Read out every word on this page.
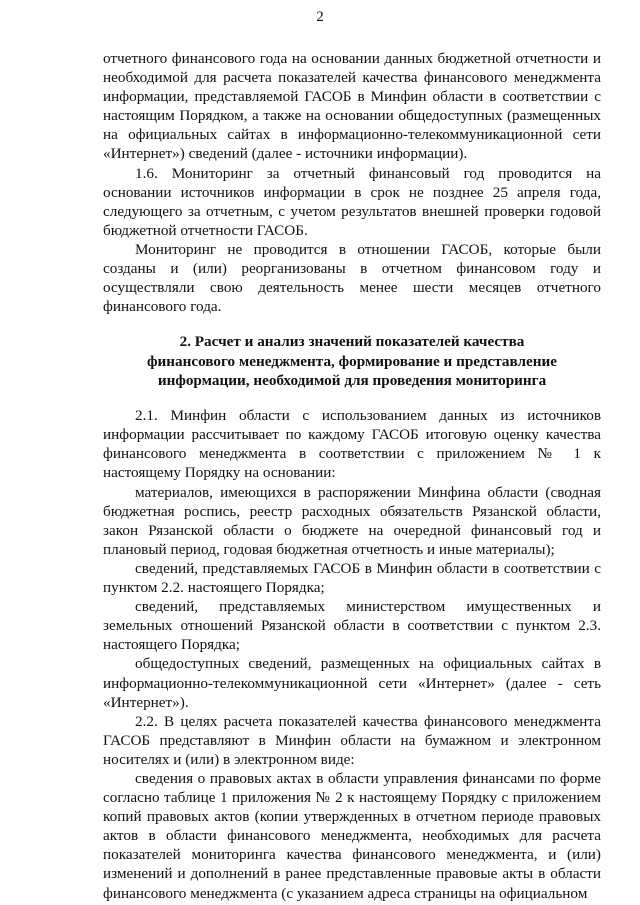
2

отчетного финансового года на основании данных бюджетной отчетности и необходимой для расчета показателей качества финансового менеджмента информации, представляемой ГАСОБ в Минфин области в соответствии с настоящим Порядком, а также на основании общедоступных (размещенных на официальных сайтах в информационно-телекоммуникационной сети «Интернет») сведений (далее - источники информации).

1.6. Мониторинг за отчетный финансовый год проводится на основании источников информации в срок не позднее 25 апреля года, следующего за отчетным, с учетом результатов внешней проверки годовой бюджетной отчетности ГАСОБ.

Мониторинг не проводится в отношении ГАСОБ, которые были созданы и (или) реорганизованы в отчетном финансовом году и осуществляли свою деятельность менее шести месяцев отчетного финансового года.

2. Расчет и анализ значений показателей качества
финансового менеджмента, формирование и представление
информации, необходимой для проведения мониторинга

2.1. Минфин области с использованием данных из источников информации рассчитывает по каждому ГАСОБ итоговую оценку качества финансового менеджмента в соответствии с приложением № 1 к настоящему Порядку на основании:

материалов, имеющихся в распоряжении Минфина области (сводная бюджетная роспись, реестр расходных обязательств Рязанской области, закон Рязанской области о бюджете на очередной финансовый год и плановый период, годовая бюджетная отчетность и иные материалы);

сведений, представляемых ГАСОБ в Минфин области в соответствии с пунктом 2.2. настоящего Порядка;

сведений, представляемых министерством имущественных и земельных отношений Рязанской области в соответствии с пунктом 2.3. настоящего Порядка;

общедоступных сведений, размещенных на официальных сайтах в информационно-телекоммуникационной сети «Интернет» (далее - сеть «Интернет»).

2.2. В целях расчета показателей качества финансового менеджмента ГАСОБ представляют в Минфин области на бумажном и электронном носителях и (или) в электронном виде:

сведения о правовых актах в области управления финансами по форме согласно таблице 1 приложения № 2 к настоящему Порядку с приложением копий правовых актов (копии утвержденных в отчетном периоде правовых актов в области финансового менеджмента, необходимых для расчета показателей мониторинга качества финансового менеджмента, и (или) изменений и дополнений в ранее представленные правовые акты в области финансового менеджмента (с указанием адреса страницы на официальном
